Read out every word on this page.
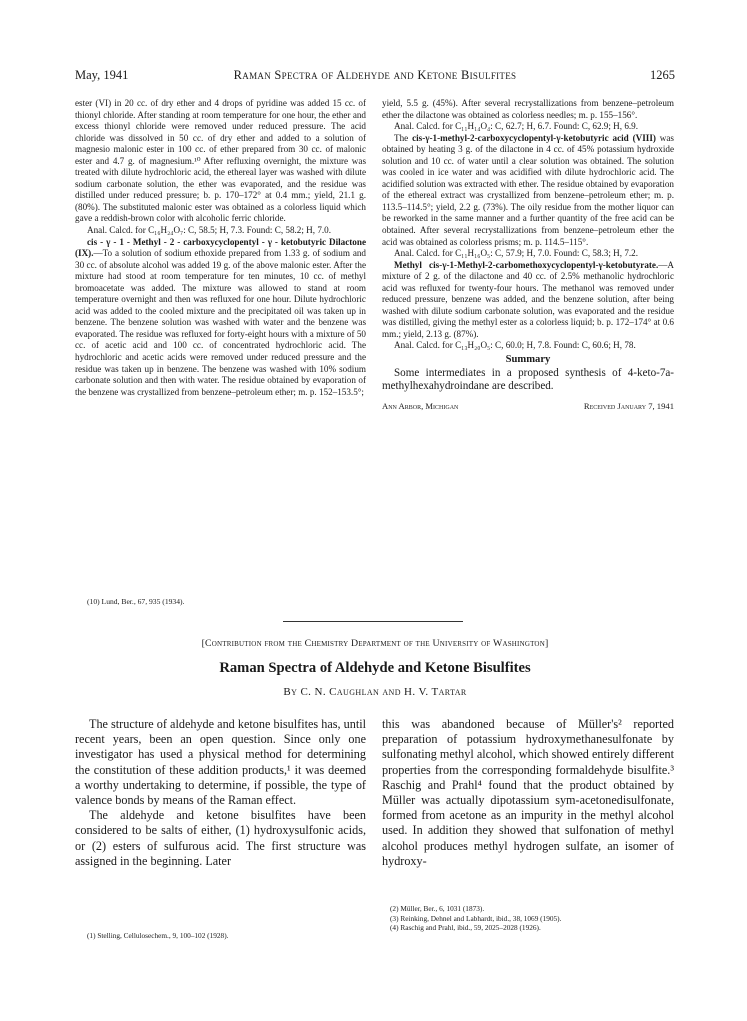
May, 1941	Raman Spectra of Aldehyde and Ketone Bisulfites	1265

ester (VI) in 20 cc. of dry ether and 4 drops of pyridine was added 15 cc. of thionyl chloride. After standing at room temperature for one hour, the ether and excess thionyl chloride were removed under reduced pressure. The acid chloride was dissolved in 50 cc. of dry ether and added to a solution of magnesio malonic ester in 100 cc. of ether prepared from 30 cc. of malonic ester and 4.7 g. of magnesium.¹⁰ After refluxing overnight, the mixture was treated with dilute hydrochloric acid, the ethereal layer was washed with dilute sodium carbonate solution, the ether was evaporated, and the residue was distilled under reduced pressure; b. p. 170–172° at 0.4 mm.; yield, 21.1 g. (80%). The substituted malonic ester was obtained as a colorless liquid which gave a reddish-brown color with alcoholic ferric chloride.

Anal. Calcd. for C₁₆H₂₄O₇: C, 58.5; H, 7.3. Found: C, 58.2; H, 7.0.

cis - γ - 1 - Methyl - 2 - carboxycyclopentyl - γ - ketobutyric Dilactone (IX).—To a solution of sodium ethoxide prepared from 1.33 g. of sodium and 30 cc. of absolute alcohol was added 19 g. of the above malonic ester. After the mixture had stood at room temperature for ten minutes, 10 cc. of methyl bromoacetate was added. The mixture was allowed to stand at room temperature overnight and then was refluxed for one hour. Dilute hydrochloric acid was added to the cooled mixture and the precipitated oil was taken up in benzene. The benzene solution was washed with water and the benzene was evaporated. The residue was refluxed for forty-eight hours with a mixture of 50 cc. of acetic acid and 100 cc. of concentrated hydrochloric acid. The hydrochloric and acetic acids were removed under reduced pressure and the residue was taken up in benzene. The benzene was washed with 10% sodium carbonate solution and then with water. The residue obtained by evaporation of the benzene was crystallized from benzene–petroleum ether; m. p. 152–153.5°;

(10) Lund, Ber., 67, 935 (1934).

yield, 5.5 g. (45%). After several recrystallizations from benzene–petroleum ether the dilactone was obtained as colorless needles; m. p. 155–156°.

Anal. Calcd. for C₁₁H₁₄O₄: C, 62.7; H, 6.7. Found: C, 62.9; H, 6.9.

The cis-γ-1-methyl-2-carboxycyclopentyl-γ-ketobutyric acid (VIII) was obtained by heating 3 g. of the dilactone in 4 cc. of 45% potassium hydroxide solution and 10 cc. of water until a clear solution was obtained. The solution was cooled in ice water and was acidified with dilute hydrochloric acid. The acidified solution was extracted with ether. The residue obtained by evaporation of the ethereal extract was crystallized from benzene–petroleum ether; m. p. 113.5–114.5°; yield, 2.2 g. (73%). The oily residue from the mother liquor can be reworked in the same manner and a further quantity of the free acid can be obtained. After several recrystallizations from benzene–petroleum ether the acid was obtained as colorless prisms; m. p. 114.5–115°.

Anal. Calcd. for C₁₁H₁₆O₅: C, 57.9; H, 7.0. Found: C, 58.3; H, 7.2.

Methyl cis-γ-1-Methyl-2-carbomethoxycyclopentyl-γ-ketobutyrate.—A mixture of 2 g. of the dilactone and 40 cc. of 2.5% methanolic hydrochloric acid was refluxed for twenty-four hours. The methanol was removed under reduced pressure, benzene was added, and the benzene solution, after being washed with dilute sodium carbonate solution, was evaporated and the residue was distilled, giving the methyl ester as a colorless liquid; b. p. 172–174° at 0.6 mm.; yield, 2.13 g. (87%).

Anal. Calcd. for C₁₃H₂₀O₅: C, 60.0; H, 7.8. Found: C, 60.6; H, 78.

Summary

Some intermediates in a proposed synthesis of 4-keto-7a-methylhexahydroindane are described.

Ann Arbor, Michigan	Received January 7, 1941
[Contribution from the Chemistry Department of the University of Washington]
Raman Spectra of Aldehyde and Ketone Bisulfites
By C. N. Caughlan and H. V. Tartar

The structure of aldehyde and ketone bisulfites has, until recent years, been an open question. Since only one investigator has used a physical method for determining the constitution of these addition products,¹ it was deemed a worthy undertaking to determine, if possible, the type of valence bonds by means of the Raman effect.

The aldehyde and ketone bisulfites have been considered to be salts of either, (1) hydroxysulfonic acids, or (2) esters of sulfurous acid. The first structure was assigned in the beginning. Later

(1) Stelling, Cellulosechem., 9, 100–102 (1928).

this was abandoned because of Müller's² reported preparation of potassium hydroxymethanesulfonate by sulfonating methyl alcohol, which showed entirely different properties from the corresponding formaldehyde bisulfite.³ Raschig and Prahl⁴ found that the product obtained by Müller was actually dipotassium sym-acetonedisulfonate, formed from acetone as an impurity in the methyl alcohol used. In addition they showed that sulfonation of methyl alcohol produces methyl hydrogen sulfate, an isomer of hydroxy-

(2) Müller, Ber., 6, 1031 (1873).
(3) Reinking, Dehnel and Labhardt, ibid., 38, 1069 (1905).
(4) Raschig and Prahl, ibid., 59, 2025–2028 (1926).
